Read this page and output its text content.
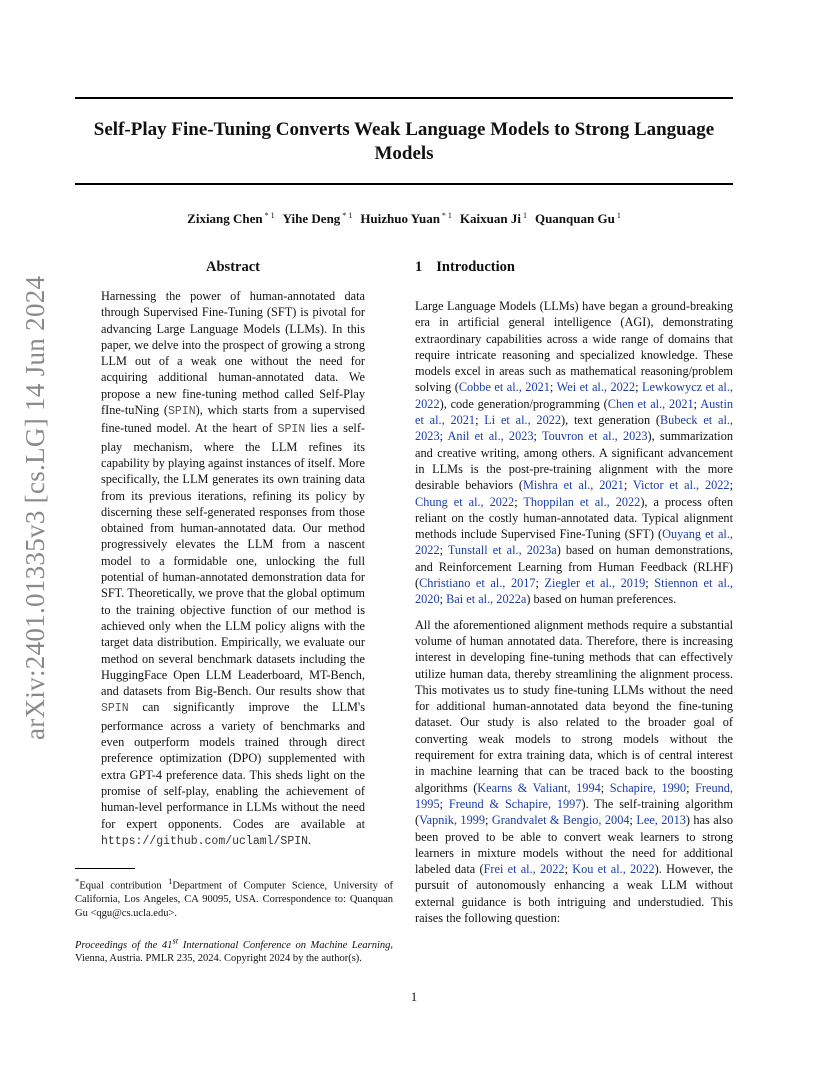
Self-Play Fine-Tuning Converts Weak Language Models to Strong Language Models
Zixiang Chen $^{* 1}$ Yihe Deng $^{* 1}$ Huizhuo Yuan $^{* 1}$ Kaixuan Ji $^1$ Quanquan Gu $^1$
arXiv:2401.01335v3 [cs.LG] 14 Jun 2024
Abstract

Harnessing the power of human-annotated data through Supervised Fine-Tuning (SFT) is pivotal for advancing Large Language Models (LLMs). In this paper, we delve into the prospect of growing a strong LLM out of a weak one without the need for acquiring additional human-annotated data. We propose a new fine-tuning method called Self-Play fIne-tuNing (SPIN), which starts from a supervised fine-tuned model. At the heart of SPIN lies a self-play mechanism, where the LLM refines its capability by playing against instances of itself. More specifically, the LLM generates its own training data from its previous iterations, refining its policy by discerning these self-generated responses from those obtained from human-annotated data. Our method progressively elevates the LLM from a nascent model to a formidable one, unlocking the full potential of human-annotated demonstration data for SFT. Theoretically, we prove that the global optimum to the training objective function of our method is achieved only when the LLM policy aligns with the target data distribution. Empirically, we evaluate our method on several benchmark datasets including the HuggingFace Open LLM Leaderboard, MT-Bench, and datasets from Big-Bench. Our results show that SPIN can significantly improve the LLM's performance across a variety of benchmarks and even outperform models trained through direct preference optimization (DPO) supplemented with extra GPT-4 preference data. This sheds light on the promise of self-play, enabling the achievement of human-level performance in LLMs without the need for expert opponents. Codes are available at https://github.com/uclaml/SPIN.

*Equal contribution $^1$Department of Computer Science, University of California, Los Angeles, CA 90095, USA. Correspondence to: Quanquan Gu <qgu@cs.ucla.edu>.
Proceedings of the 41st International Conference on Machine Learning, Vienna, Austria. PMLR 235, 2024. Copyright 2024 by the author(s).
1 Introduction

Large Language Models (LLMs) have began a ground-breaking era in artificial general intelligence (AGI), demonstrating extraordinary capabilities across a wide range of domains that require intricate reasoning and specialized knowledge. These models excel in areas such as mathematical reasoning/problem solving (Cobbe et al., 2021; Wei et al., 2022; Lewkowycz et al., 2022), code generation/programming (Chen et al., 2021; Austin et al., 2021; Li et al., 2022), text generation (Bubeck et al., 2023; Anil et al., 2023; Touvron et al., 2023), summarization and creative writing, among others. A significant advancement in LLMs is the post-pre-training alignment with the more desirable behaviors (Mishra et al., 2021; Victor et al., 2022; Chung et al., 2022; Thoppilan et al., 2022), a process often reliant on the costly human-annotated data. Typical alignment methods include Supervised Fine-Tuning (SFT) (Ouyang et al., 2022; Tunstall et al., 2023a) based on human demonstrations, and Reinforcement Learning from Human Feedback (RLHF) (Christiano et al., 2017; Ziegler et al., 2019; Stiennon et al., 2020; Bai et al., 2022a) based on human preferences.

All the aforementioned alignment methods require a substantial volume of human annotated data. Therefore, there is increasing interest in developing fine-tuning methods that can effectively utilize human data, thereby streamlining the alignment process. This motivates us to study fine-tuning LLMs without the need for additional human-annotated data beyond the fine-tuning dataset. Our study is also related to the broader goal of converting weak models to strong models without the requirement for extra training data, which is of central interest in machine learning that can be traced back to the boosting algorithms (Kearns & Valiant, 1994; Schapire, 1990; Freund, 1995; Freund & Schapire, 1997). The self-training algorithm (Vapnik, 1999; Grandvalet & Bengio, 2004; Lee, 2013) has also been proved to be able to convert weak learners to strong learners in mixture models without the need for additional labeled data (Frei et al., 2022; Kou et al., 2022). However, the pursuit of autonomously enhancing a weak LLM without external guidance is both intriguing and understudied. This raises the following question:

1
